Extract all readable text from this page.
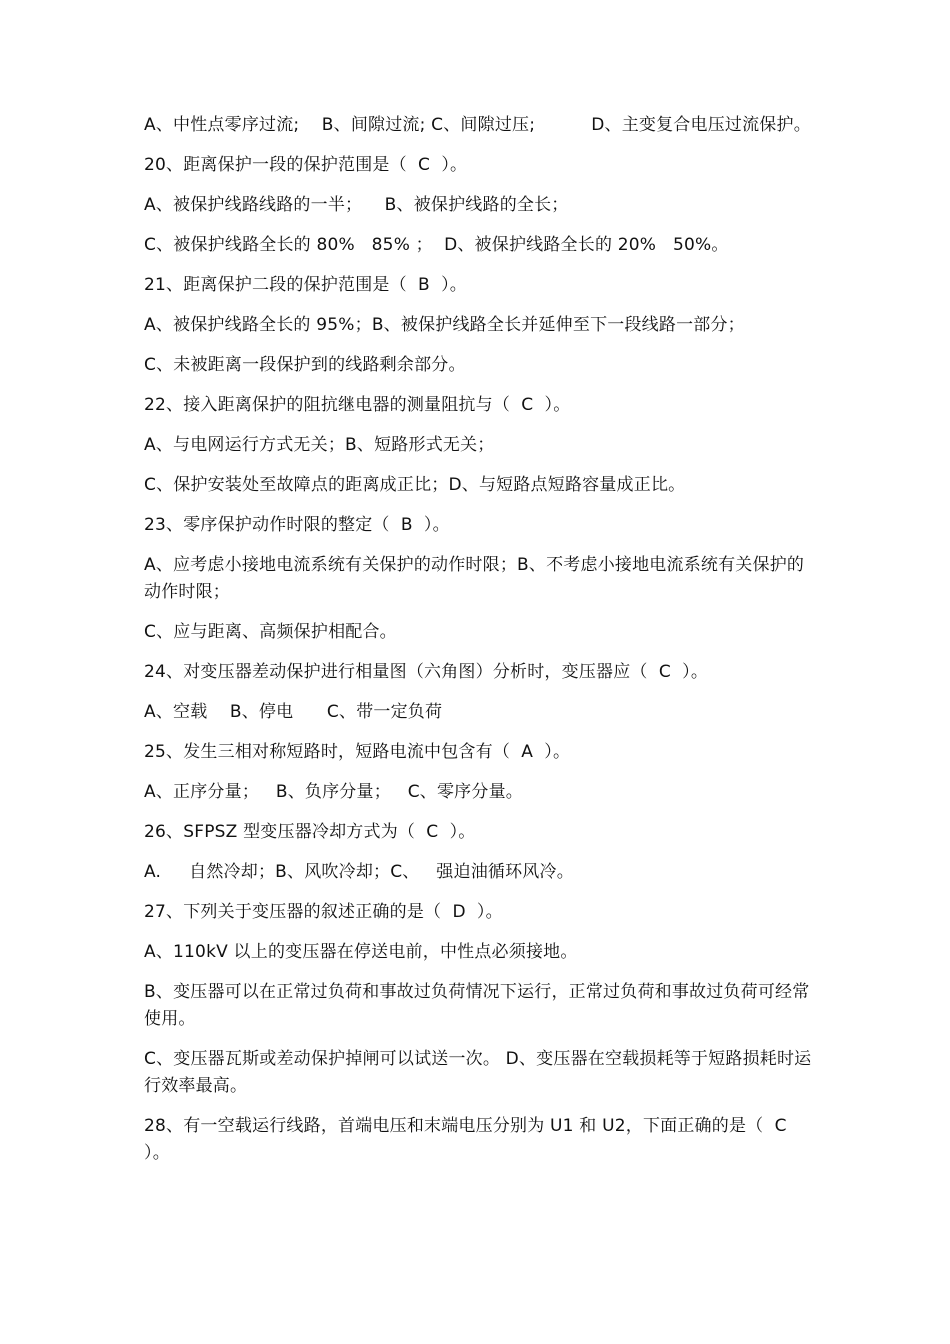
A、中性点零序过流;    B、间隙过流; C、间隙过压;          D、主变复合电压过流保护。

20、距离保护一段的保护范围是（  C  ）。

A、被保护线路线路的一半；    B、被保护线路的全长；

C、被保护线路全长的 80%   85% ；  D、被保护线路全长的 20%   50%。

21、距离保护二段的保护范围是（  B  ）。

A、被保护线路全长的 95%；B、被保护线路全长并延伸至下一段线路一部分；

C、未被距离一段保护到的线路剩余部分。

22、接入距离保护的阻抗继电器的测量阻抗与（  C  ）。

A、与电网运行方式无关；B、短路形式无关；

C、保护安装处至故障点的距离成正比；D、与短路点短路容量成正比。

23、零序保护动作时限的整定（  B  ）。

A、应考虑小接地电流系统有关保护的动作时限；B、不考虑小接地电流系统有关保护的动作时限；

C、应与距离、高频保护相配合。

24、对变压器差动保护进行相量图（六角图）分析时，变压器应（  C  ）。

A、空载    B、停电      C、带一定负荷

25、发生三相对称短路时，短路电流中包含有（  A  ）。

A、正序分量；   B、负序分量；   C、零序分量。

26、SFPSZ 型变压器冷却方式为（  C  ）。

A.     自然冷却；B、风吹冷却；C、   强迫油循环风冷。

27、下列关于变压器的叙述正确的是（  D  ）。

A、110kV 以上的变压器在停送电前，中性点必须接地。

B、变压器可以在正常过负荷和事故过负荷情况下运行，正常过负荷和事故过负荷可经常使用。

C、变压器瓦斯或差动保护掉闸可以试送一次。 D、变压器在空载损耗等于短路损耗时运行效率最高。

28、有一空载运行线路，首端电压和末端电压分别为 U1 和 U2，下面正确的是（  C  ）。
